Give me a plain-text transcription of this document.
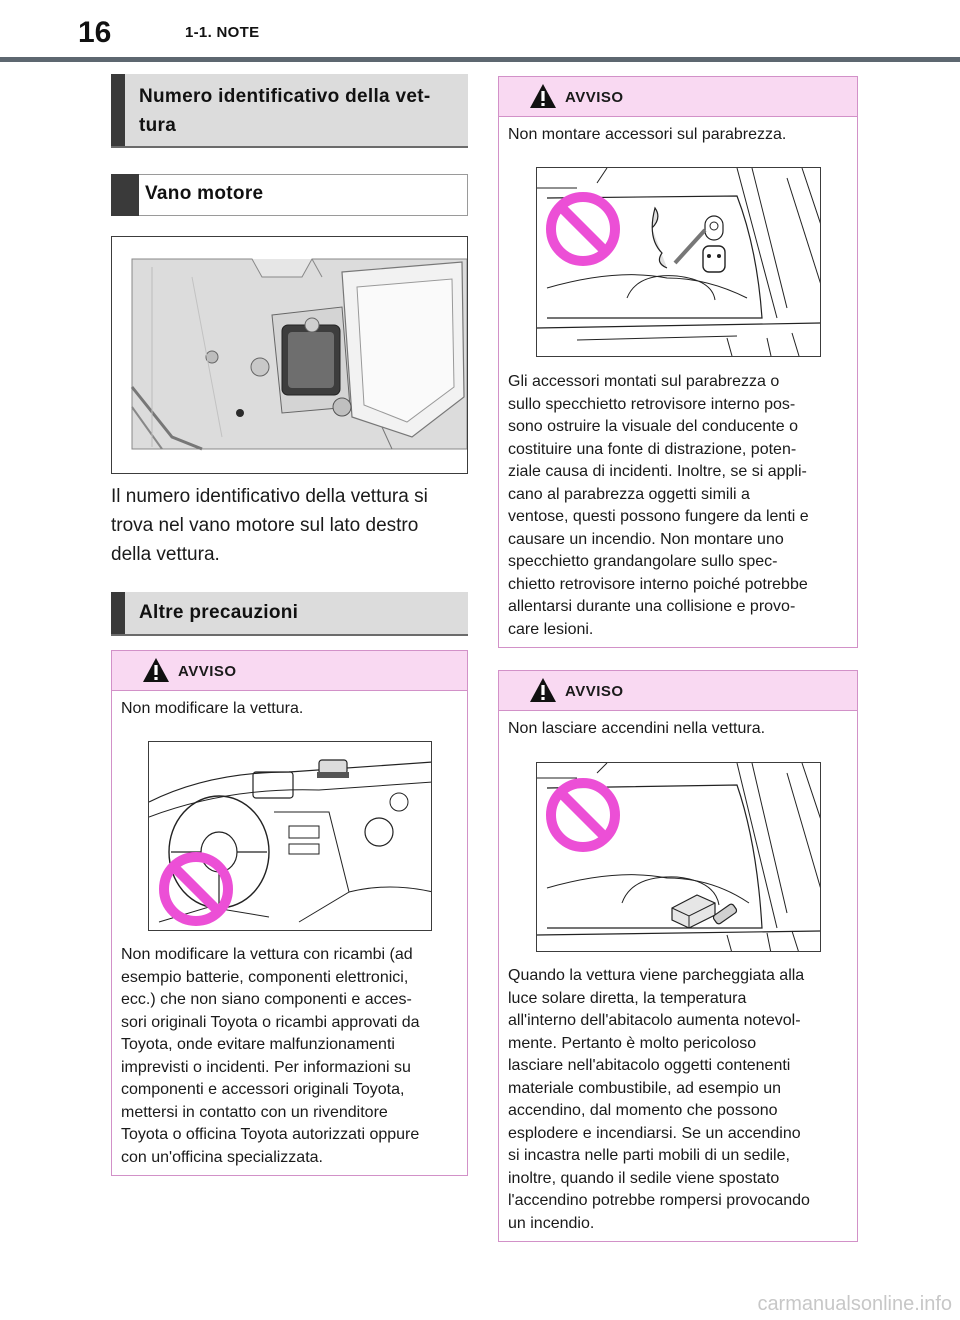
16	1-1. NOTE
Numero identificativo della vet-
tura
Vano motore
Il numero identificativo della vettura si
trova nel vano motore sul lato destro
della vettura.
Altre precauzioni
AVVISO
Non modificare la vettura.
Non modificare la vettura con ricambi (ad
esempio batterie, componenti elettronici,
ecc.) che non siano componenti e acces-
sori originali Toyota o ricambi approvati da
Toyota, onde evitare malfunzionamenti
imprevisti o incidenti. Per informazioni su
componenti e accessori originali Toyota,
mettersi in contatto con un rivenditore
Toyota o officina Toyota autorizzati oppure
con un'officina specializzata.
AVVISO
Non montare accessori sul parabrezza.
Gli accessori montati sul parabrezza o
sullo specchietto retrovisore interno pos-
sono ostruire la visuale del conducente o
costituire una fonte di distrazione, poten-
ziale causa di incidenti. Inoltre, se si appli-
cano al parabrezza oggetti simili a
ventose, questi possono fungere da lenti e
causare un incendio. Non montare uno
specchietto grandangolare sullo spec-
chietto retrovisore interno poiché potrebbe
allentarsi durante una collisione e provo-
care lesioni.
AVVISO
Non lasciare accendini nella vettura.
Quando la vettura viene parcheggiata alla
luce solare diretta, la temperatura
all'interno dell'abitacolo aumenta notevol-
mente. Pertanto è molto pericoloso
lasciare nell'abitacolo oggetti contenenti
materiale combustibile, ad esempio un
accendino, dal momento che possono
esplodere e incendiarsi. Se un accendino
si incastra nelle parti mobili di un sedile,
inoltre, quando il sedile viene spostato
l'accendino potrebbe rompersi provocando
un incendio.
carmanualsonline.info
